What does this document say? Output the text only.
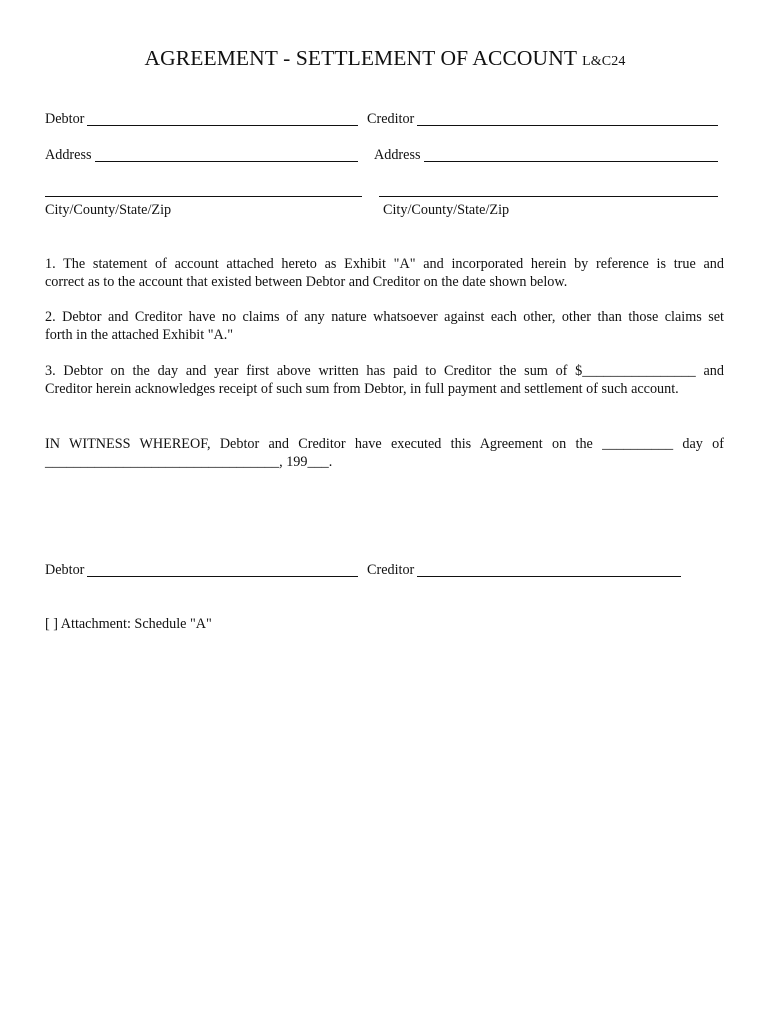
AGREEMENT - SETTLEMENT OF ACCOUNT L&C24
Debtor	Creditor
Address	Address
City/County/State/Zip	City/County/State/Zip
1. The statement of account attached hereto as Exhibit "A" and incorporated herein by reference is true and
correct as to the account that existed between Debtor and Creditor on the date shown below.
2. Debtor and Creditor have no claims of any nature whatsoever against each other, other than those claims set
forth in the attached Exhibit "A."
3. Debtor on the day and year first above written has paid to Creditor the sum of $________________ and
Creditor herein acknowledges receipt of such sum from Debtor, in full payment and settlement of such account.
IN WITNESS WHEREOF, Debtor and Creditor have executed this Agreement on the __________ day of
_________________________________, 199___.
Debtor	Creditor
[ ] Attachment: Schedule "A"
